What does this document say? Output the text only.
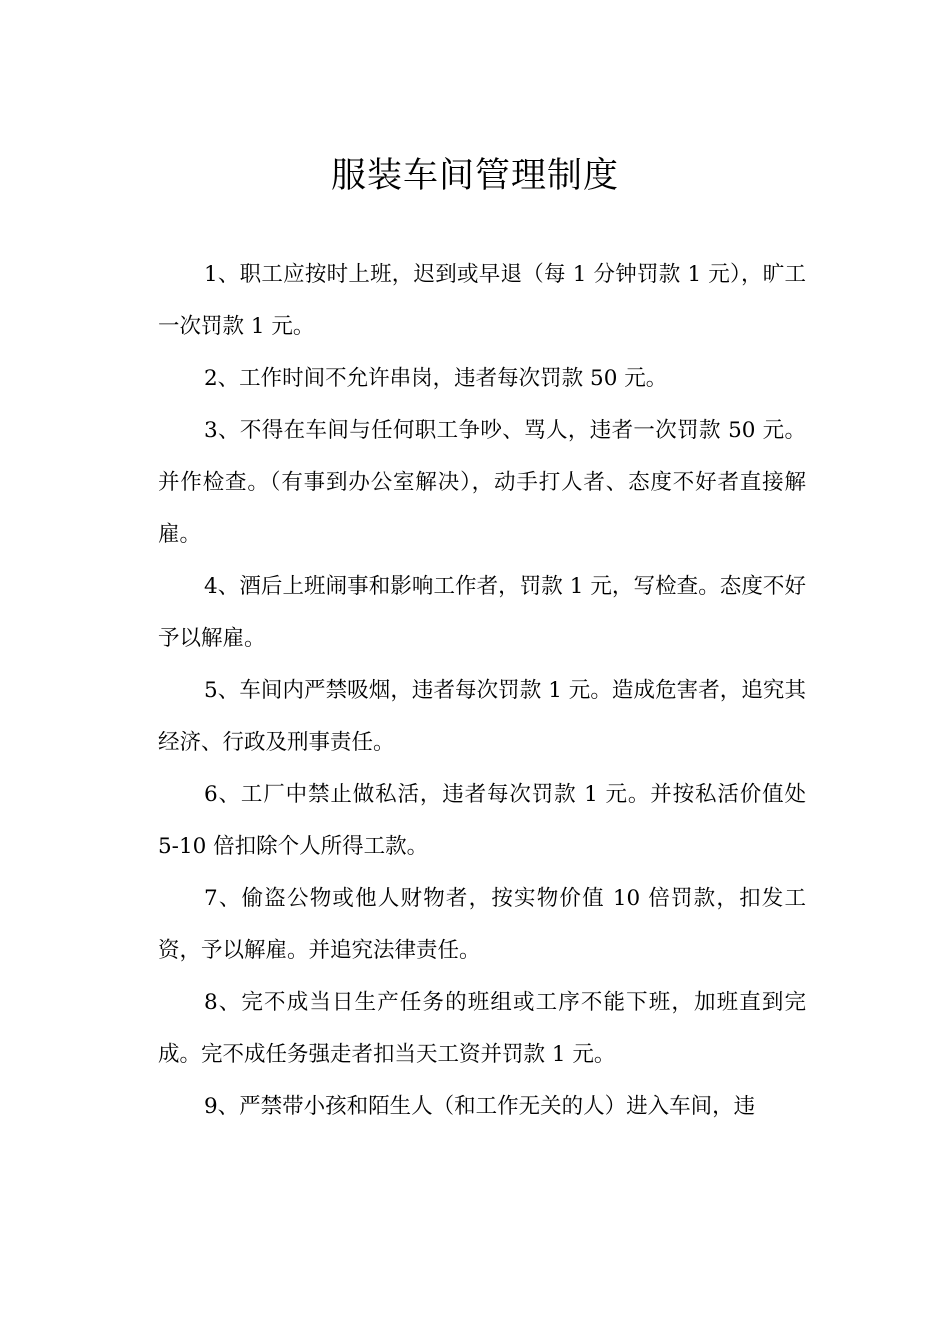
服装车间管理制度

1、职工应按时上班，迟到或早退（每 1 分钟罚款 1 元），旷工一次罚款 1 元。

2、工作时间不允许串岗，违者每次罚款 50 元。

3、不得在车间与任何职工争吵、骂人，违者一次罚款 50 元。并作检查。（有事到办公室解决），动手打人者、态度不好者直接解雇。

4、酒后上班闹事和影响工作者，罚款 1 元，写检查。态度不好予以解雇。

5、车间内严禁吸烟，违者每次罚款 1 元。造成危害者，追究其经济、行政及刑事责任。

6、工厂中禁止做私活，违者每次罚款 1 元。并按私活价值处 5-10 倍扣除个人所得工款。

7、偷盗公物或他人财物者，按实物价值 10 倍罚款，扣发工资，予以解雇。并追究法律责任。

8、完不成当日生产任务的班组或工序不能下班，加班直到完成。完不成任务强走者扣当天工资并罚款 1 元。

9、严禁带小孩和陌生人（和工作无关的人）进入车间，违
